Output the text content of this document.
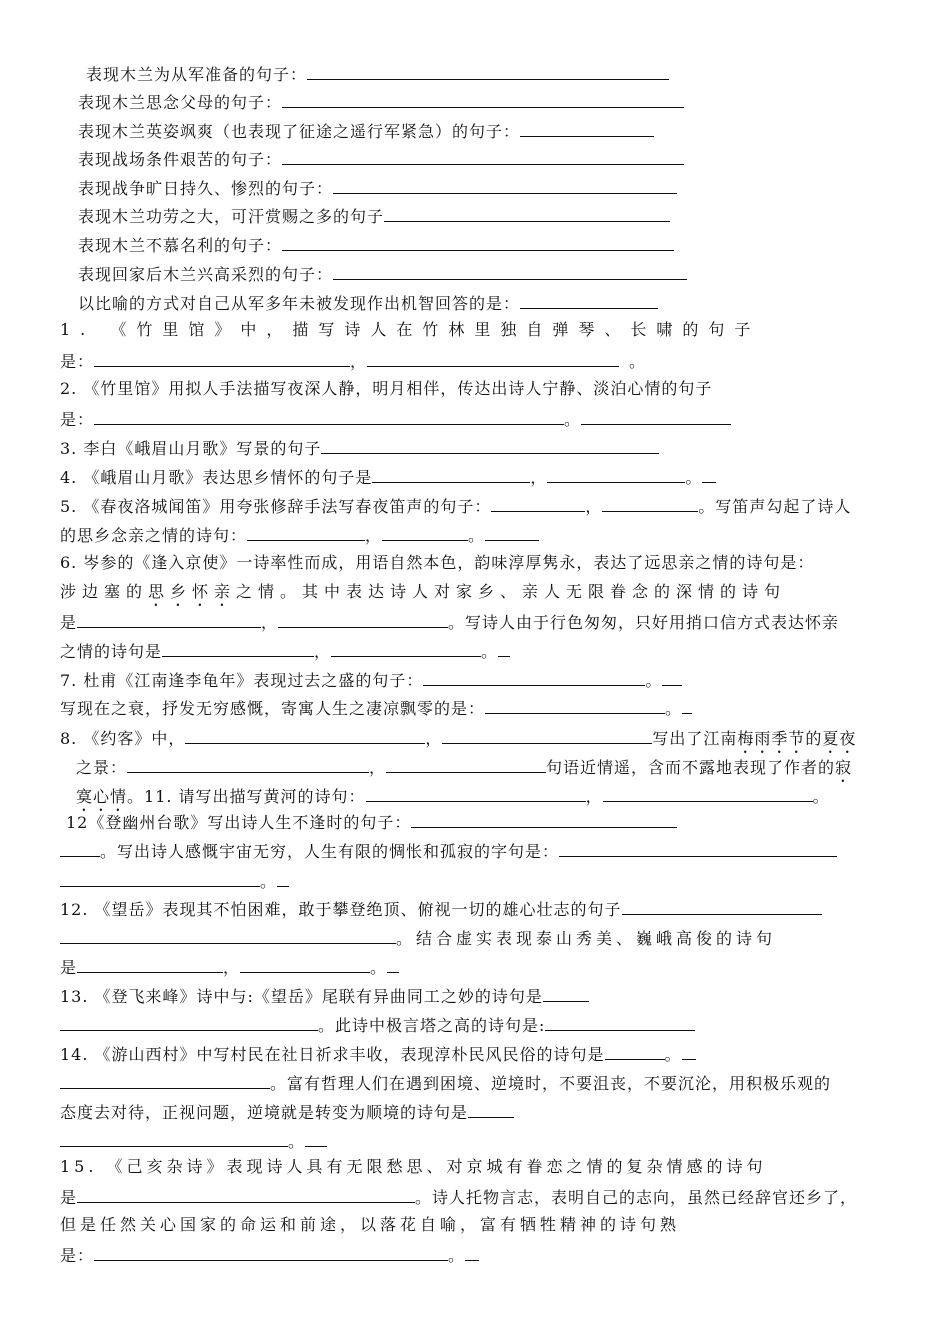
表现木兰为从军准备的句子：
表现木兰思念父母的句子：
表现木兰英姿飒爽（也表现了征途之遥行军紧急）的句子：
表现战场条件艰苦的句子：
表现战争旷日持久、惨烈的句子：
表现木兰功劳之大，可汗赏赐之多的句子
表现木兰不慕名利的句子：
表现回家后木兰兴高采烈的句子：
以比喻的方式对自己从军多年未被发现作出机智回答的是：
1. 《竹里馆》中，描写诗人在竹林里独自弹琴、长啸的句子
是：	，	。
2. 《竹里馆》用拟人手法描写夜深人静，明月相伴，传达出诗人宁静、淡泊心情的句子
是：	。
3. 李白《峨眉山月歌》写景的句子
4. 《峨眉山月歌》表达思乡情怀的句子是	，	。
5. 《春夜洛城闻笛》用夸张修辞手法写春夜笛声的句子：	，	。写笛声勾起了诗人
的思乡念亲之情的诗句：	，	。
6. 岑参的《逢入京使》一诗率性而成，用语自然本色，韵味淳厚隽永，表达了远思亲之情的诗句是：
涉边塞的思乡怀亲之情。其中表达诗人对家乡、亲人无限眷念的深情的诗句
是	，	。写诗人由于行色匆匆，只好用捎口信方式表达怀亲
之情的诗句是	，	。
7. 杜甫《江南逢李龟年》表现过去之盛的句子：	。
写现在之衰，抒发无穷感慨，寄寓人生之凄凉飘零的是：	。
8. 《约客》中，	，	写出了江南梅雨季节的夏夜
之景：	，	句语近情遥，含而不露地表现了作者的寂
寞心情。11. 请写出描写黄河的诗句：	，	。
12《登幽州台歌》写出诗人生不逢时的句子：
。写出诗人感慨宇宙无穷，人生有限的惆怅和孤寂的字句是：
。
12. 《望岳》表现其不怕困难，敢于攀登绝顶、俯视一切的雄心壮志的句子
。结合虚实表现泰山秀美、巍峨高俊的诗句
是	，	。
13. 《登飞来峰》诗中与:《望岳》尾联有异曲同工之妙的诗句是
。此诗中极言塔之高的诗句是:
14. 《游山西村》中写村民在社日祈求丰收，表现淳朴民风民俗的诗句是	。
。富有哲理人们在遇到困境、逆境时，不要沮丧，不要沉沦，用积极乐观的
态度去对待，正视问题，逆境就是转变为顺境的诗句是
。
15. 《己亥杂诗》表现诗人具有无限愁思、对京城有眷恋之情的复杂情感的诗句
是	。诗人托物言志，表明自己的志向，虽然已经辞官还乡了，
但是任然关心国家的命运和前途，以落花自喻，富有牺牲精神的诗句熟
是：	。
